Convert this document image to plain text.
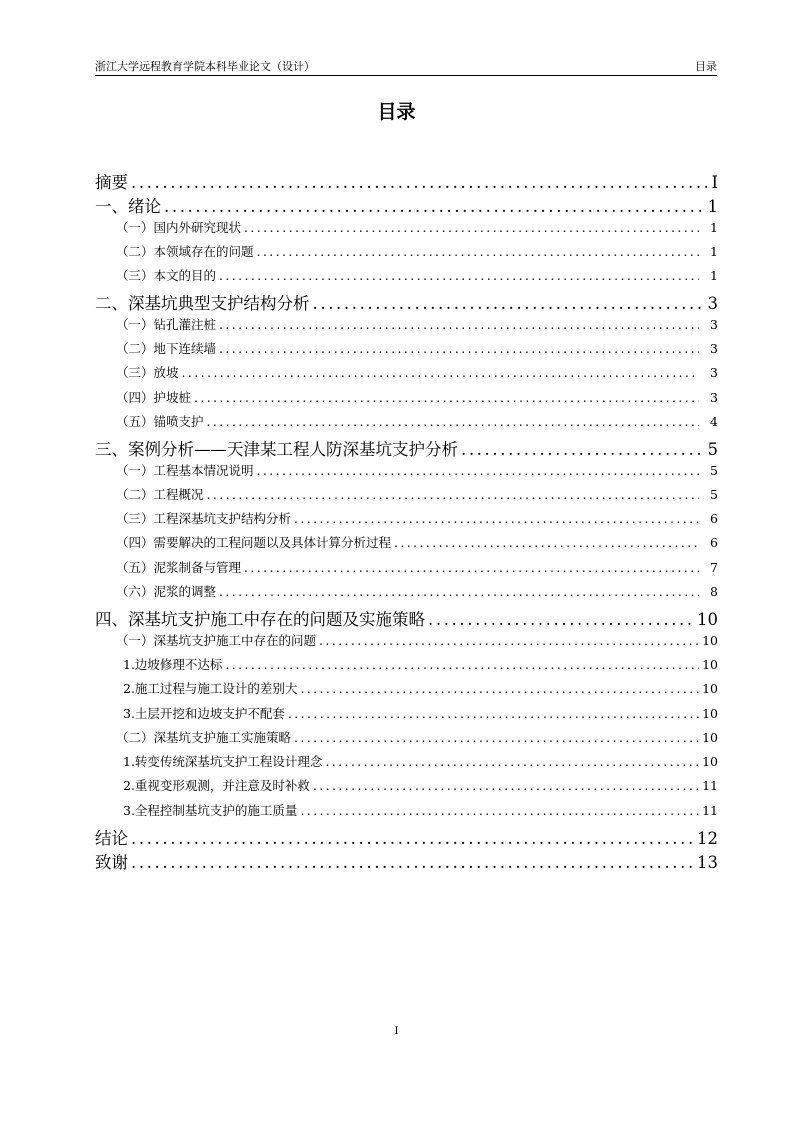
浙江大学远程教育学院本科毕业论文（设计）	目录
目录
摘要 .....	I
一、绪论 .....	1
（一）国内外研究现状 .....	1
（二）本领域存在的问题 .....	1
（三）本文的目的 .....	1
二、深基坑典型支护结构分析 .....	3
（一）钻孔灌注桩 .....	3
（二）地下连续墙 .....	3
（三）放坡 .....	3
（四）护坡桩 .....	3
（五）锚喷支护 .....	4
三、案例分析——天津某工程人防深基坑支护分析 .....	5
（一）工程基本情况说明 .....	5
（二）工程概况 .....	5
（三）工程深基坑支护结构分析 .....	6
（四）需要解决的工程问题以及具体计算分析过程 .....	6
（五）泥浆制备与管理 .....	7
（六）泥浆的调整 .....	8
四、深基坑支护施工中存在的问题及实施策略 .....	10
（一）深基坑支护施工中存在的问题 .....	10
1.边坡修理不达标 .....	10
2.施工过程与施工设计的差别大 .....	10
3.土层开挖和边坡支护不配套 .....	10
（二）深基坑支护施工实施策略 .....	10
1.转变传统深基坑支护工程设计理念 .....	10
2.重视变形观测，并注意及时补救 .....	11
3.全程控制基坑支护的施工质量 .....	11
结论 .....	12
致谢 .....	13
I
